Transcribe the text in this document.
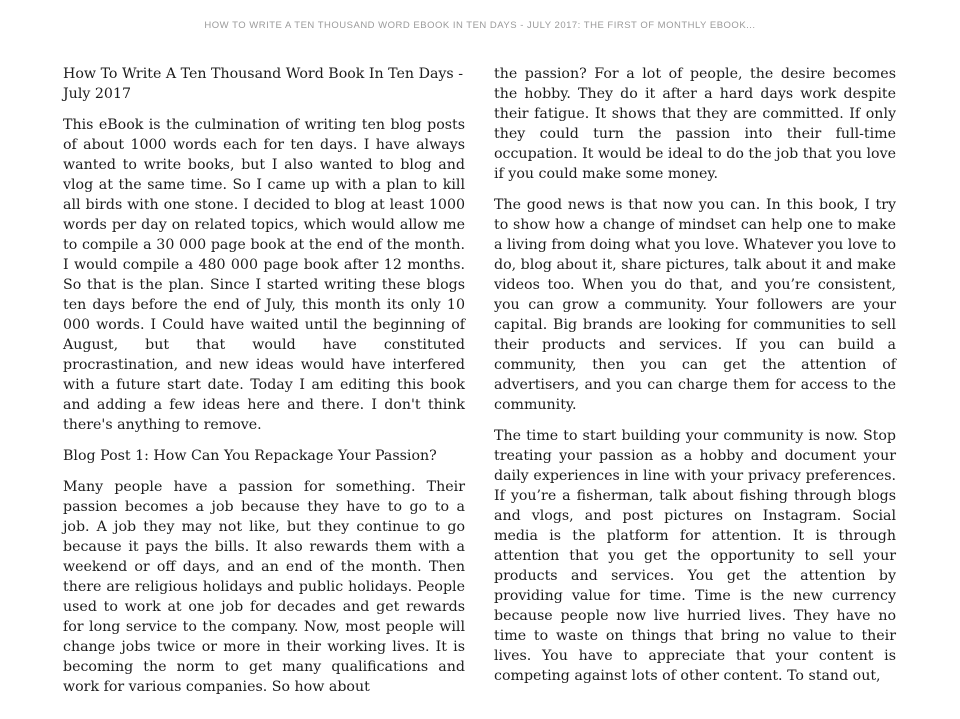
HOW TO WRITE A TEN THOUSAND WORD EBOOK IN TEN DAYS - JULY 2017: THE FIRST OF MONTHLY EBOOK...

How To Write A Ten Thousand Word Book In Ten Days - July 2017

This eBook is the culmination of writing ten blog posts of about 1000 words each for ten days. I have always wanted to write books, but I also wanted to blog and vlog at the same time. So I came up with a plan to kill all birds with one stone. I decided to blog at least 1000 words per day on related topics, which would allow me to compile a 30 000 page book at the end of the month. I would compile a 480 000 page book after 12 months. So that is the plan. Since I started writing these blogs ten days before the end of July, this month its only 10 000 words. I Could have waited until the beginning of August, but that would have constituted procrastination, and new ideas would have interfered with a future start date. Today I am editing this book and adding a few ideas here and there. I don't think there's anything to remove.

Blog Post 1: How Can You Repackage Your Passion?

Many people have a passion for something. Their passion becomes a job because they have to go to a job. A job they may not like, but they continue to go because it pays the bills. It also rewards them with a weekend or off days, and an end of the month. Then there are religious holidays and public holidays. People used to work at one job for decades and get rewards for long service to the company. Now, most people will change jobs twice or more in their working lives. It is becoming the norm to get many qualifications and work for various companies. So how about

the passion? For a lot of people, the desire becomes the hobby. They do it after a hard days work despite their fatigue. It shows that they are committed. If only they could turn the passion into their full-time occupation. It would be ideal to do the job that you love if you could make some money.

The good news is that now you can. In this book, I try to show how a change of mindset can help one to make a living from doing what you love. Whatever you love to do, blog about it, share pictures, talk about it and make videos too. When you do that, and you’re consistent, you can grow a community. Your followers are your capital. Big brands are looking for communities to sell their products and services. If you can build a community, then you can get the attention of advertisers, and you can charge them for access to the community.

The time to start building your community is now. Stop treating your passion as a hobby and document your daily experiences in line with your privacy preferences. If you’re a fisherman, talk about fishing through blogs and vlogs, and post pictures on Instagram. Social media is the platform for attention. It is through attention that you get the opportunity to sell your products and services. You get the attention by providing value for time. Time is the new currency because people now live hurried lives. They have no time to waste on things that bring no value to their lives. You have to appreciate that your content is competing against lots of other content. To stand out,
